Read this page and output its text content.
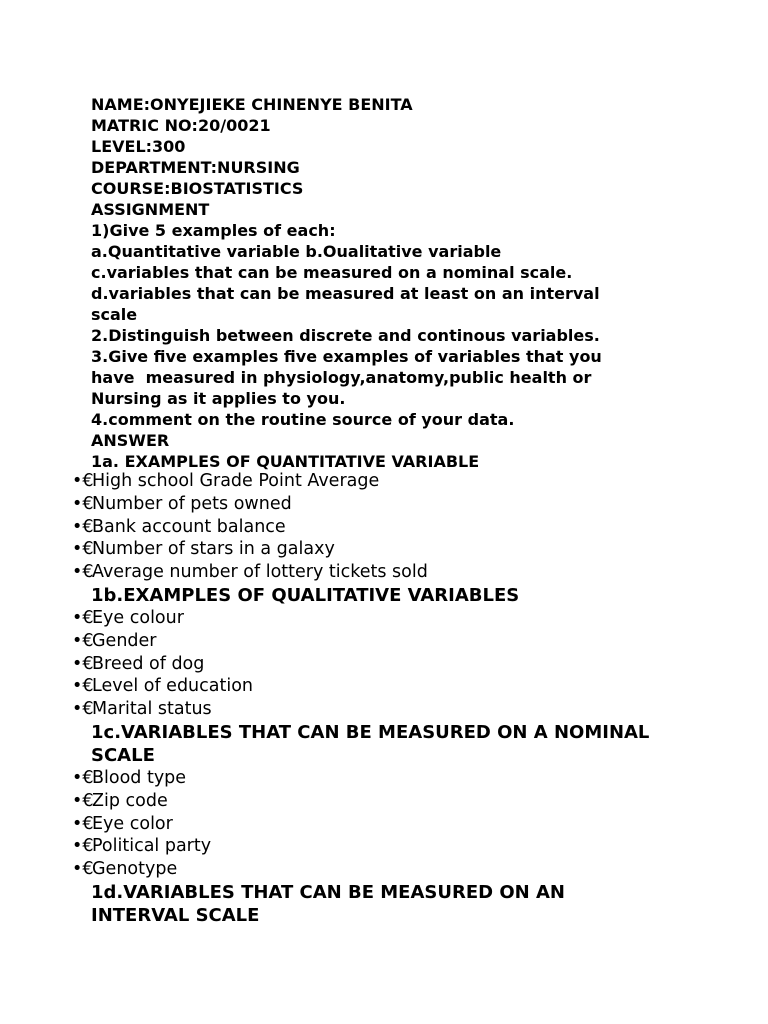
NAME:ONYEJIEKE CHINENYE BENITA
MATRIC NO:20/0021
LEVEL:300
DEPARTMENT:NURSING
COURSE:BIOSTATISTICS
ASSIGNMENT
1)Give 5 examples of each:
a.Quantitative variable b.Oualitative variable
c.variables that can be measured on a nominal scale.
d.variables that can be measured at least on an interval
scale
2.Distinguish between discrete and continous variables.
3.Give five examples five examples of variables that you
have  measured in physiology,anatomy,public health or
Nursing as it applies to you.
4.comment on the routine source of your data.
ANSWER
1a. EXAMPLES OF QUANTITATIVE VARIABLE
•€High school Grade Point Average
•€Number of pets owned
•€Bank account balance
•€Number of stars in a galaxy
•€Average number of lottery tickets sold
1b.EXAMPLES OF QUALITATIVE VARIABLES
•€Eye colour
•€Gender
•€Breed of dog
•€Level of education
•€Marital status
1c.VARIABLES THAT CAN BE MEASURED ON A NOMINAL
SCALE
•€Blood type
•€Zip code
•€Eye color
•€Political party
•€Genotype
1d.VARIABLES THAT CAN BE MEASURED ON AN
INTERVAL SCALE
